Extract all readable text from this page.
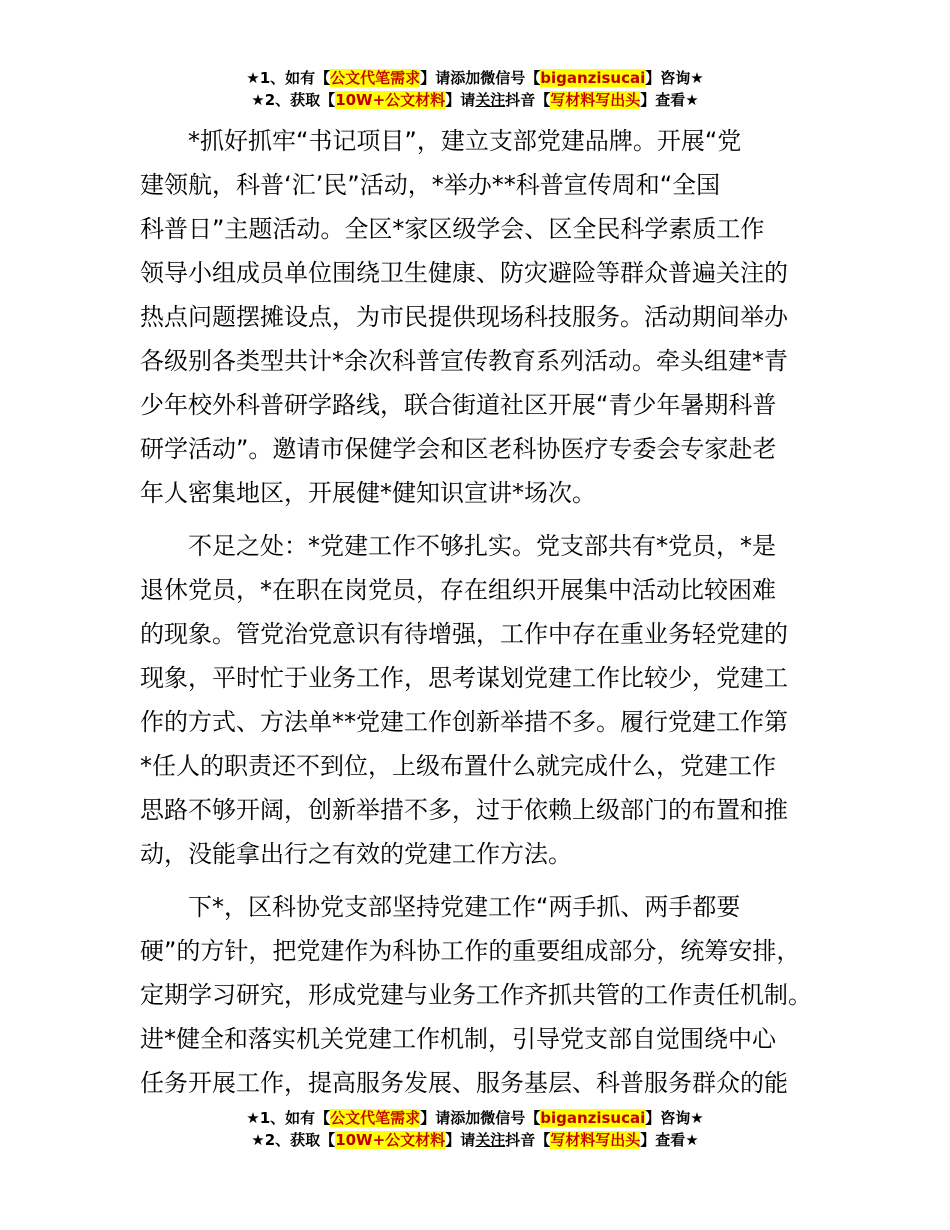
★1、如有【公文代笔需求】请添加微信号【biganzisucai】咨询★
★2、获取【10W+公文材料】请关注抖音【写材料写出头】查看★
　　*抓好抓牢“书记项目”，建立支部党建品牌。开展“党
建领航，科普‘汇’民”活动，*举办**科普宣传周和“全国
科普日”主题活动。全区*家区级学会、区全民科学素质工作
领导小组成员单位围绕卫生健康、防灾避险等群众普遍关注的
热点问题摆摊设点，为市民提供现场科技服务。活动期间举办
各级别各类型共计*余次科普宣传教育系列活动。牵头组建*青
少年校外科普研学路线，联合街道社区开展“青少年暑期科普
研学活动”。邀请市保健学会和区老科协医疗专委会专家赴老
年人密集地区，开展健*健知识宣讲*场次。
　　不足之处：*党建工作不够扎实。党支部共有*党员，*是
退休党员，*在职在岗党员，存在组织开展集中活动比较困难
的现象。管党治党意识有待增强，工作中存在重业务轻党建的
现象，平时忙于业务工作，思考谋划党建工作比较少，党建工
作的方式、方法单**党建工作创新举措不多。履行党建工作第
*任人的职责还不到位，上级布置什么就完成什么，党建工作
思路不够开阔，创新举措不多，过于依赖上级部门的布置和推
动，没能拿出行之有效的党建工作方法。
　　下*，区科协党支部坚持党建工作“两手抓、两手都要
硬”的方针，把党建作为科协工作的重要组成部分，统筹安排，
定期学习研究，形成党建与业务工作齐抓共管的工作责任机制。
进*健全和落实机关党建工作机制，引导党支部自觉围绕中心
任务开展工作，提高服务发展、服务基层、科普服务群众的能
★1、如有【公文代笔需求】请添加微信号【biganzisucai】咨询★
★2、获取【10W+公文材料】请关注抖音【写材料写出头】查看★
